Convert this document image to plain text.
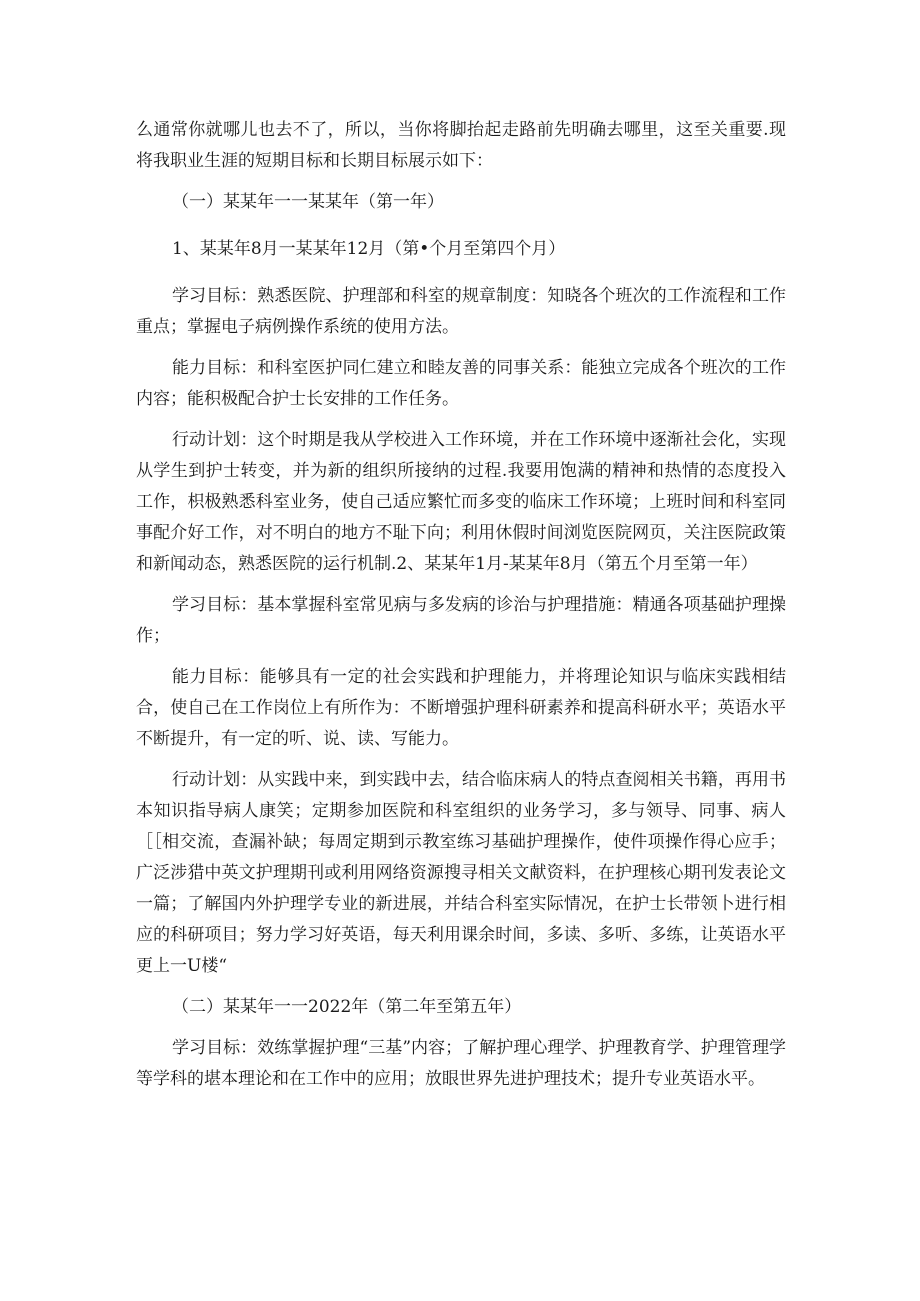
么通常你就哪儿也去不了，所以，当你将脚抬起走路前先明确去哪里，这至关重要.现将我职业生涯的短期目标和长期目标展示如下：

（一）某某年一一某某年（第一年）

1、某某年8月一某某年12月（第•个月至第四个月）

学习目标：熟悉医院、护理部和科室的规章制度：知晓各个班次的工作流程和工作重点；掌握电子病例操作系统的使用方法。

能力目标：和科室医护同仁建立和睦友善的同事关系：能独立完成各个班次的工作内容；能积极配合护士长安排的工作任务。

行动计划：这个时期是我从学校进入工作环境，并在工作环境中逐渐社会化，实现从学生到护士转变，并为新的组织所接纳的过程.我要用饱满的精神和热情的态度投入工作，枳极熟悉科室业务，使自己适应繁忙而多变的临床工作环境；上班时间和科室同事配介好工作，对不明白的地方不耻下向；利用休假时间浏览医院网页，关注医院政策和新闻动态，熟悉医院的运行机制.2、某某年1月-某某年8月（第五个月至第一年）

学习目标：基本掌握科室常见病与多发病的诊治与护理措施：精通各项基础护理操作；

能力目标：能够具有一定的社会实践和护理能力，并将理论知识与临床实践相结合，使自己在工作岗位上有所作为：不断增强护理科研素养和提高科研水平；英语水平不断提升，有一定的听、说、读、写能力。

行动计划：从实践中来，到实践中去，结合临床病人的特点查阅相关书籍，再用书本知识指导病人康笑；定期参加医院和科室组织的业务学习，多与领导、同事、病人［［相交流，查漏补缺；每周定期到示教室练习基础护理操作，使件项操作得心应手；广泛涉猎中英文护理期刊或利用网络资源搜寻相关文献资料，在护理核心期刊发表论文一篇；了解国内外护理学专业的新进展，并结合科室实际情况，在护士长带领卜进行相应的科研项目；努力学习好英语，每天利用课余时间，多读、多听、多练，让英语水平更上一U楼“

（二）某某年一一2022年（第二年至第五年）

学习目标：效练掌握护理“三基”内容；了解护理心理学、护理教育学、护理管理学等学科的堪本理论和在工作中的应用；放眼世界先进护理技术；提升专业英语水平。
